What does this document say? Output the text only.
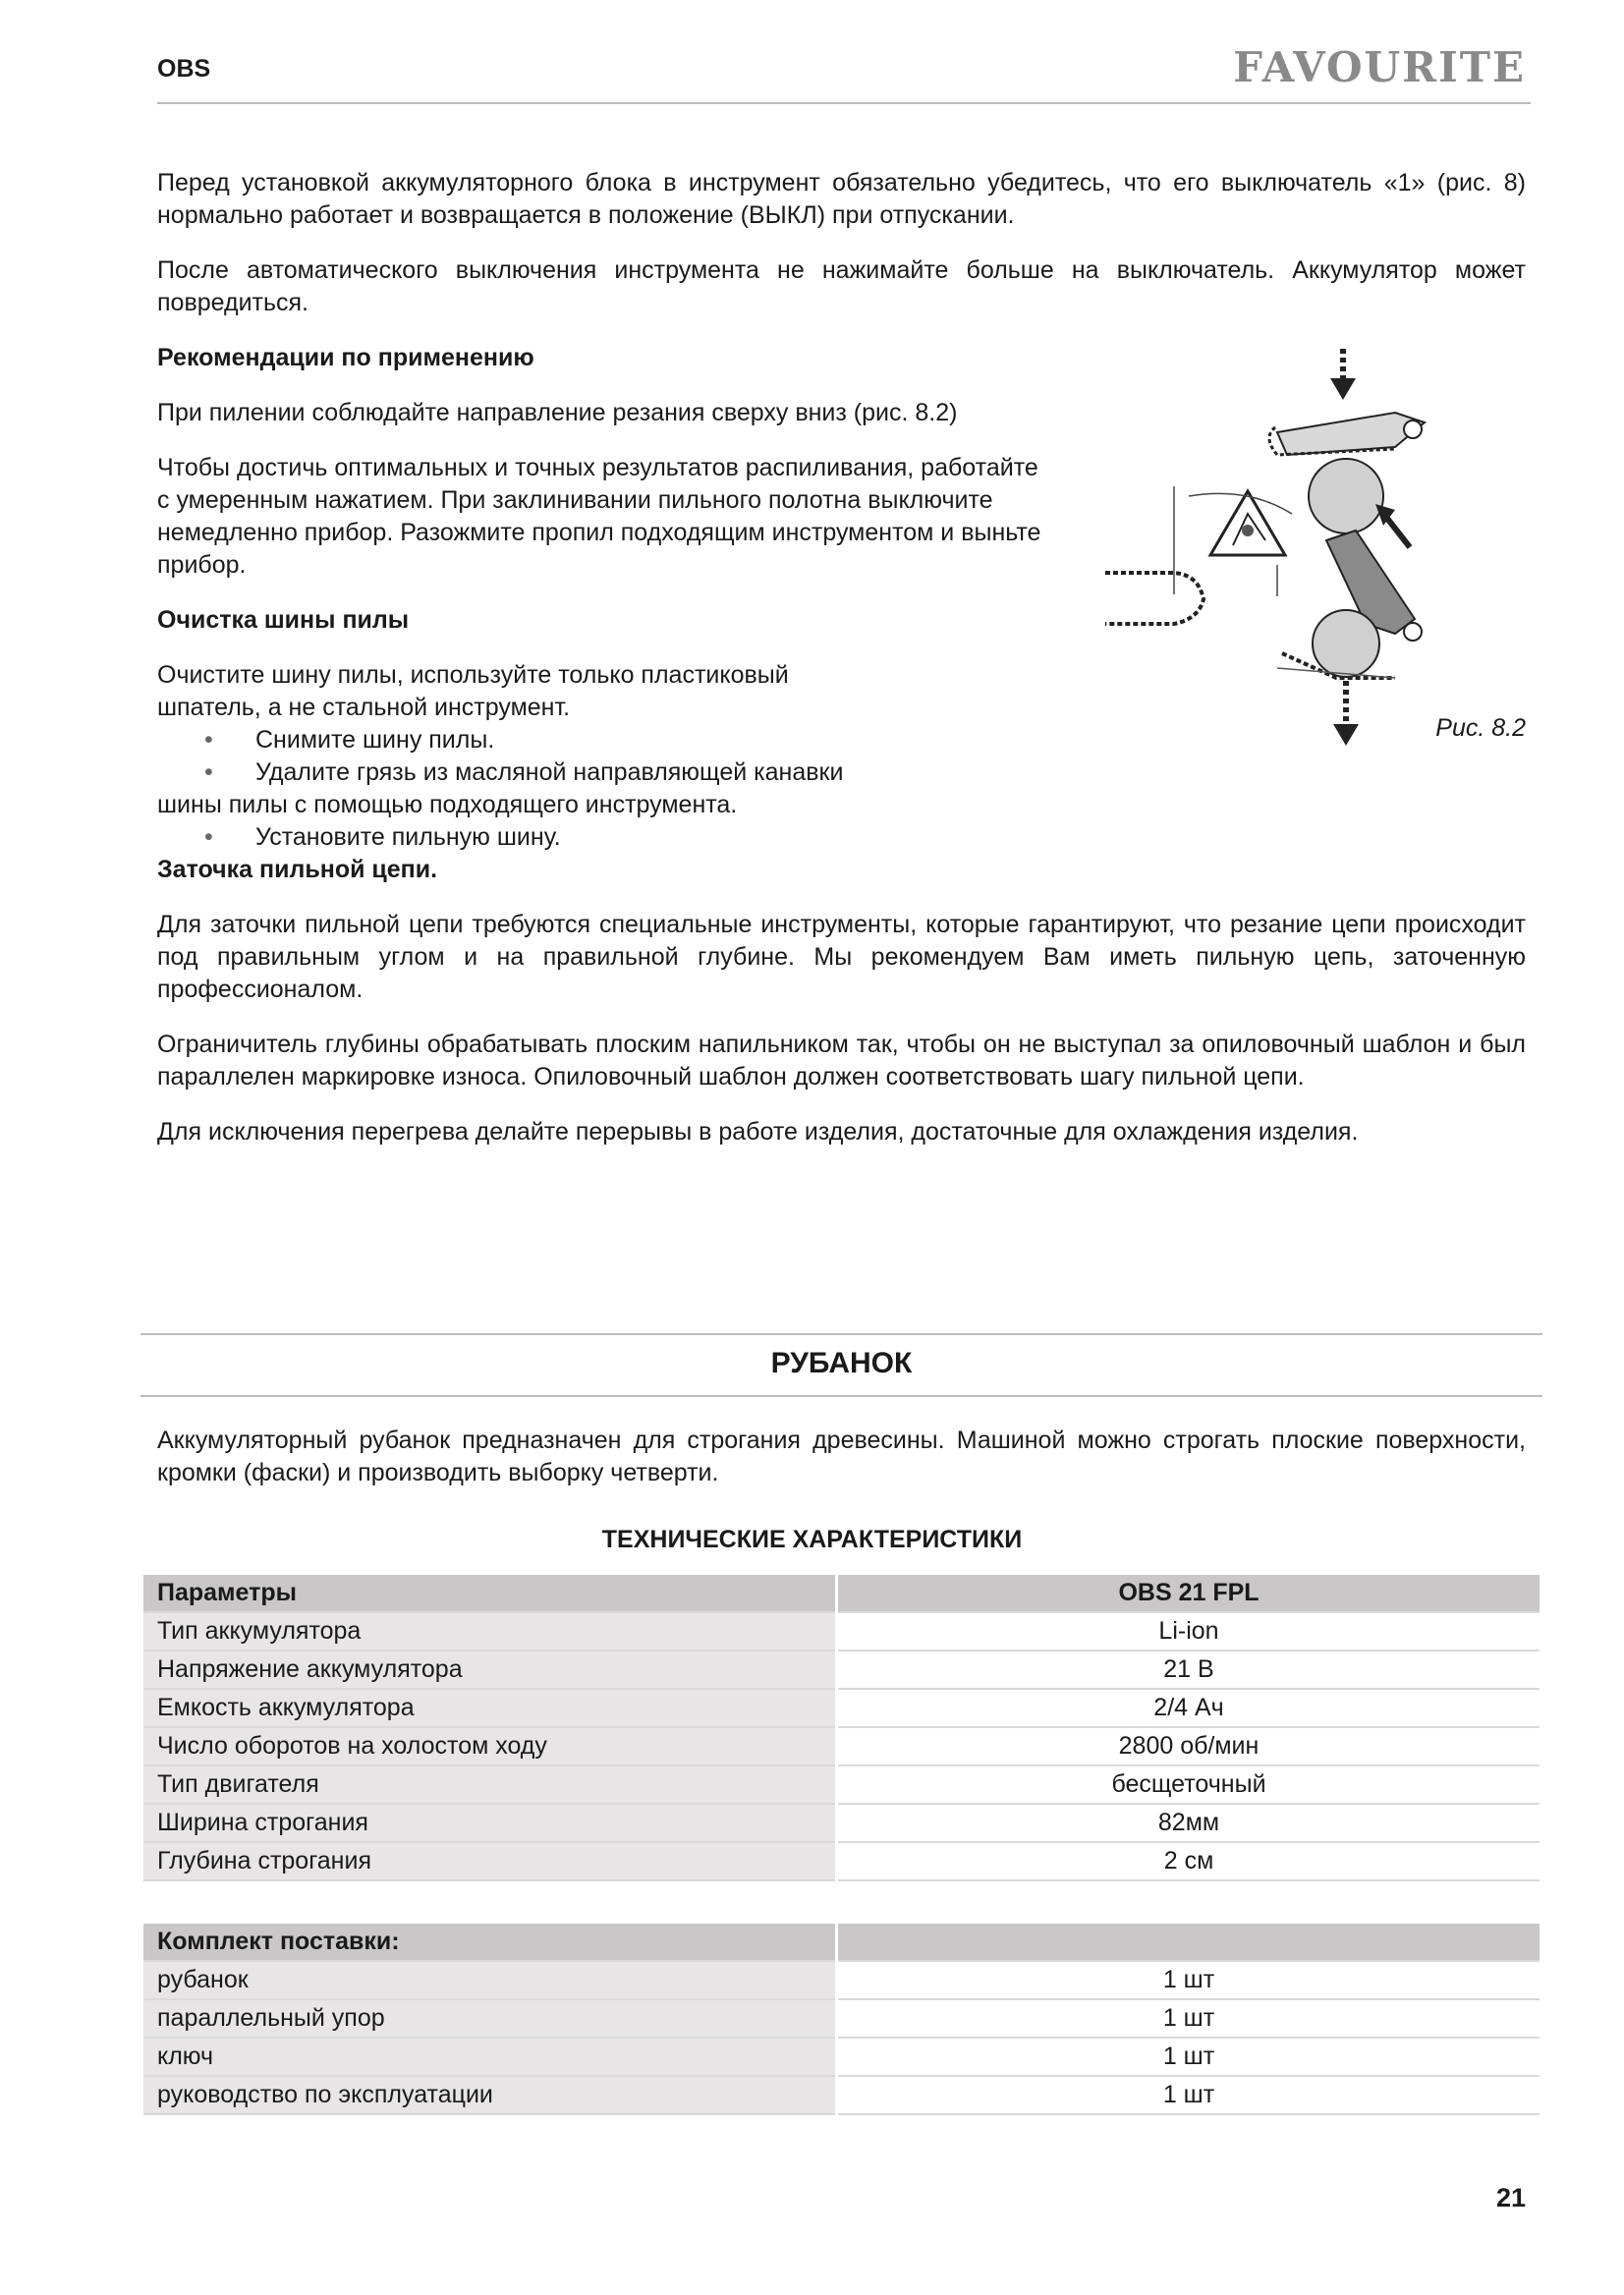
OBS	FAVOURITE

Перед установкой аккумуляторного блока в инструмент обязательно убедитесь, что его выключатель «1» (рис. 8) нормально работает и возвращается в положение (ВЫКЛ) при отпускании.

После автоматического выключения инструмента не нажимайте больше на выключатель. Аккумулятор может повредиться.

Рекомендации по применению

При пилении соблюдайте направление резания сверху вниз (рис. 8.2)

Чтобы достичь оптимальных и точных результатов распиливания, работайте с умеренным нажатием. При заклинивании пильного полотна выключите немедленно прибор. Разожмите пропил подходящим инструментом и выньте прибор.

Очистка шины пилы

Очистите шину пилы, используйте только пластиковый шпатель, а не стальной инструмент.

• Снимите шину пилы.
• Удалите грязь из масляной направляющей канавки

шины пилы с помощью подходящего инструмента.

• Установите пильную шину.
Заточка пильной цепи.

Для заточки пильной цепи требуются специальные инструменты, которые гарантируют, что резание цепи происходит под правильным углом и на правильной глубине. Мы рекомендуем Вам иметь пильную цепь, заточенную профессионалом.

Ограничитель глубины обрабатывать плоским напильником так, чтобы он не выступал за опиловочный шаблон и был параллелен маркировке износа. Опиловочный шаблон должен соответствовать шагу пильной цепи.

Для исключения перегрева делайте перерывы в работе изделия, достаточные для охлаждения изделия.

Рис. 8.2
РУБАНОК

Аккумуляторный рубанок предназначен для строгания древесины. Машиной можно строгать плоские поверхности, кромки (фаски) и производить выборку четверти.

ТЕХНИЧЕСКИЕ ХАРАКТЕРИСТИКИ
Параметры	OBS 21 FPL
Тип аккумулятора	Li-ion
Напряжение аккумулятора	21 В
Емкость аккумулятора	2/4 Ач
Число оборотов на холостом ходу	2800 об/мин
Тип двигателя	бесщеточный
Ширина строгания	82мм
Глубина строгания	2 см
Комплект поставки:	
рубанок	1 шт
параллельный упор	1 шт
ключ	1 шт
руководство по эксплуатации	1 шт
21
